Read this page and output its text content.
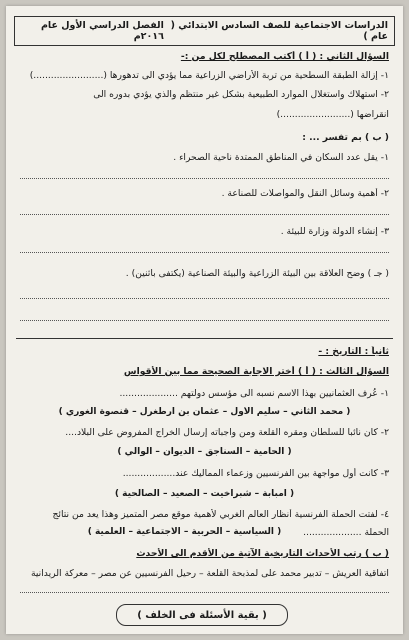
الدراسات الاجتماعية للصف السادس الابتدائي ( عام )
الفصل الدراسي الأول عام ٢٠١٦م
السؤال الثاني : ( أ ) أكتب المصطلح لكل من :-
١- إزالة الطبقة السطحية من تربة الأراضي الزراعية مما يؤدي الى تدهورها (........................)
٢- استهلاك واستغلال الموارد الطبيعية بشكل غير منتظم والذي يؤدي بدوره الى
انقراضها (........................)
( ب ) بم تفسر ... :
١- يقل عدد السكان في المناطق الممتدة ناحية الصحراء .
٢- أهمية وسائل النقل والمواصلات للصناعة .
٣- إنشاء الدولة وزارة للبيئة .
( جـ ) وضح العلاقة بين البيئة الزراعية والبيئة الصناعية (يكتفى باثنين) .
ثانياً : التاريخ : -
السؤال الثالث : ( أ ) أختر الاجابة الصحيحة مما بين الأقواس
١- عُرف العثمانيين بهذا الاسم نسبه الى مؤسس دولتهم ....................
( محمد الثاني – سليم الأول – عثمان بن ارطغرل – قنصوة الغوري )
٢- كان نائبا للسلطان ومقره القلعة ومن واجباته إرسال الخراج المفروض على البلاد....
( الحامية – السناجق – الديوان – الوالي )
٣- كانت أول مواجهة بين الفرنسيين وزعماء المماليك عند..................
( امبابة – شبراخيت – الصعيد – الصالحية )
٤- لفتت الحملة الفرنسية أنظار العالم الغربي لأهمية موقع مصر المتميز وهذا يعد من نتائج
الحملة ....................
( السياسية – الحربية – الاجتماعية – العلمية )
( ب ) رتب الأحداث التاريخية الآتية من الأقدم الى الأحدث
اتفاقية العريش – تدبير محمد على لمذبحة القلعة – رحيل الفرنسيين عن مصر – معركة الريدانية
( بقية الأسئلة فى الخلف )
